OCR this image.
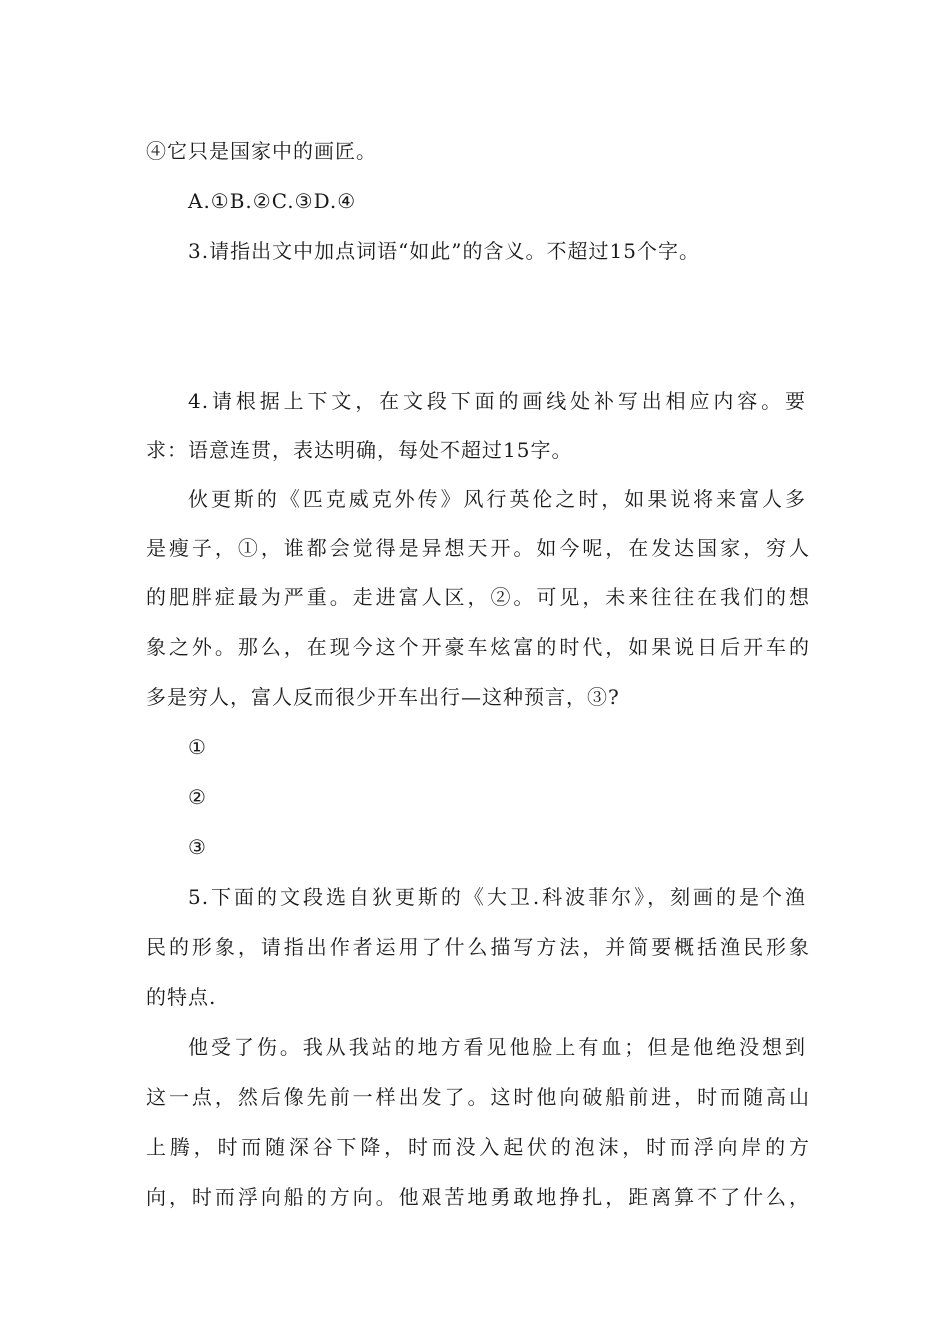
④它只是国家中的画匠。
A.①B.②C.③D.④
3.请指出文中加点词语“如此”的含义。不超过15个字。
4.请根据上下文，在文段下面的画线处补写出相应内容。要
求：语意连贯，表达明确，每处不超过15字。
伙更斯的《匹克威克外传》风行英伦之时，如果说将来富人多
是瘦子，①，谁都会觉得是异想天开。如今呢，在发达国家，穷人
的肥胖症最为严重。走进富人区，②。可见，未来往往在我们的想
象之外。那么，在现今这个开豪车炫富的时代，如果说日后开车的
多是穷人，富人反而很少开车出行—这种预言，③?
①
②
③
5.下面的文段选自狄更斯的《大卫.科波菲尔》，刻画的是个渔
民的形象，请指出作者运用了什么描写方法，并简要概括渔民形象
的特点.
他受了伤。我从我站的地方看见他脸上有血；但是他绝没想到
这一点，然后像先前一样出发了。这时他向破船前进，时而随高山
上腾，时而随深谷下降，时而没入起伏的泡沫，时而浮向岸的方
向，时而浮向船的方向。他艰苦地勇敢地挣扎，距离算不了什么，
